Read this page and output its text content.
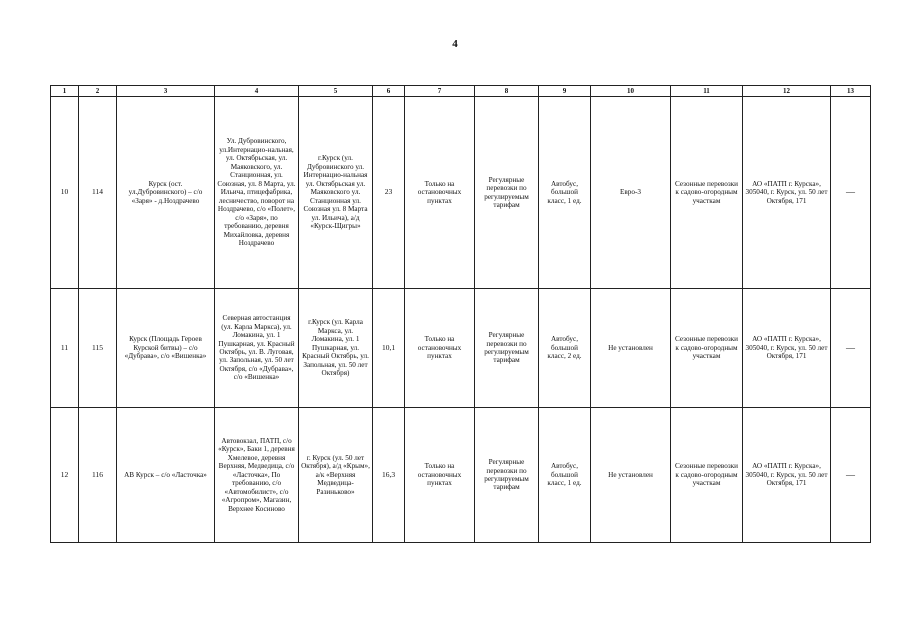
4
1	2	3	4	5	6	7	8	9	10	11	12	13
10	114	Курск (ост. ул.Дубровинского) – с/о «Заря» - д.Ноздрачево	Ул. Дубровинского, ул.Интернацио-нальная, ул. Октябрьская, ул. Маяковского, ул. Станционная, ул. Союзная, ул. 8 Марта, ул. Ильича, птицефабрика, лесничество, поворот на Ноздрачево, с/о «Полет», с/о «Заря», по требованию, деревня Михайловка, деревня Ноздрачево	г.Курск (ул. Дубровинского ул. Интернацио-нальная ул. Октябрьская ул. Маяковского ул. Станционная ул. Союзная ул. 8 Марта ул. Ильича), а/д «Курск-Щигры»	23	Только на остановочных пунктах	Регулярные перевозки по регулируемым тарифам	Автобус, большой класс, 1 ед.	Евро-3	Сезонные перевозки к садово-огородным участкам	АО «ПАТП г. Курска», 305040, г. Курск, ул. 50 лет Октября, 171	—
11	115	Курск (Площадь Героев Курской битвы) – с/о «Дубрава», с/о «Вишенка»	Северная автостанция (ул. Карла Маркса), ул. Ломакина, ул. 1 Пушкарная, ул. Красный Октябрь, ул. В. Луговая, ул. Запольная, ул. 50 лет Октября, с/о «Дубрава», с/о «Вишенка»	г.Курск (ул. Карла Маркса, ул. Ломакина, ул. 1 Пушкарная, ул. Красный Октябрь, ул. Запольная, ул. 50 лет Октября)	10,1	Только на остановочных пунктах	Регулярные перевозки по регулируемым тарифам	Автобус, большой класс, 2 ед.	Не установлен	Сезонные перевозки к садово-огородным участкам	АО «ПАТП г. Курска», 305040, г. Курск, ул. 50 лет Октября, 171	—
12	116	АВ Курск – с/о «Ласточка»	Автовокзал, ПАТП, с/о «Курск», Баки 1, деревня Хмелевое, деревня Верхняя, Медведица, с/о «Ласточка», По требованию, с/о «Автомобилист», с/о «Агропром», Магазин, Верхнее Косиново	г. Курск (ул. 50 лет Октября), а/д «Крым», а/к «Верхняя Медведица-Разиньково»	16,3	Только на остановочных пунктах	Регулярные перевозки по регулируемым тарифам	Автобус, большой класс, 1 ед.	Не установлен	Сезонные перевозки к садово-огородным участкам	АО «ПАТП г. Курска», 305040, г. Курск, ул. 50 лет Октября, 171	—
